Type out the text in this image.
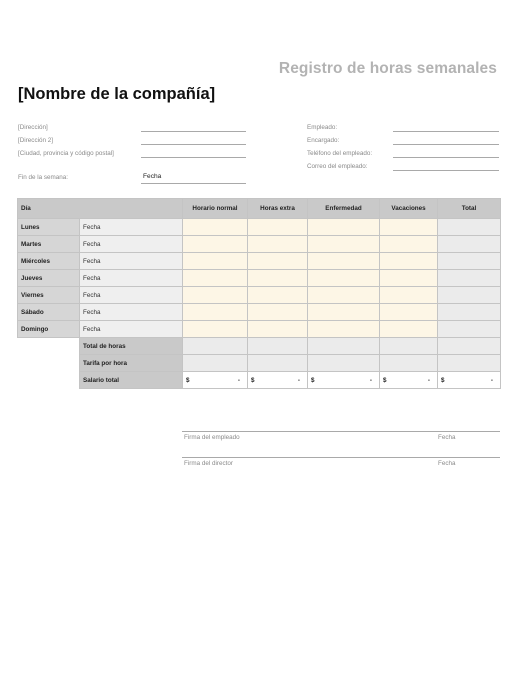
Registro de horas semanales
[Nombre de la compañía]
[Dirección]
[Dirección 2]
[Ciudad, provincia y código postal]
Fin de la semana:	Fecha
Empleado:
Encargado:
Teléfono del empleado:
Correo del empleado:
Día		Horario normal	Horas extra	Enfermedad	Vacaciones	Total
Lunes	Fecha					
Martes	Fecha					
Miércoles	Fecha					
Jueves	Fecha					
Viernes	Fecha					
Sábado	Fecha					
Domingo	Fecha					
	Total de horas					
	Tarifa por hora					
	Salario total	$ -	$ -	$ -	$ -	$ -
Firma del empleado	Fecha
Firma del director	Fecha
